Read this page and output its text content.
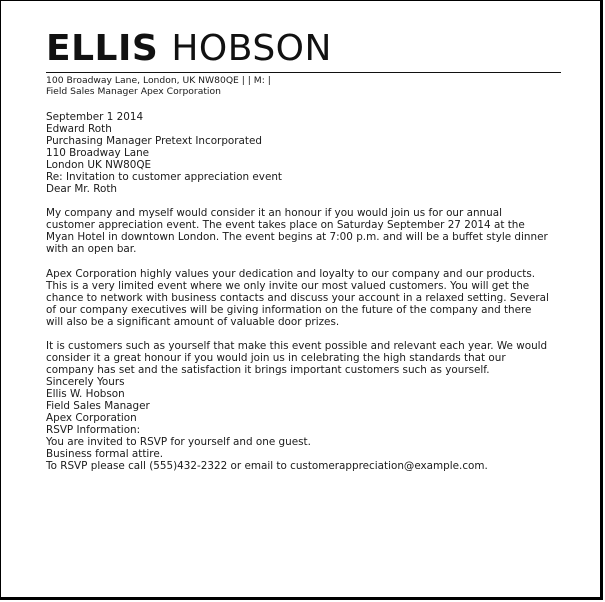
ELLIS HOBSON

100 Broadway Lane, London, UK NW80QE | | M: |

Field Sales Manager Apex Corporation

September 1 2014

Edward Roth

Purchasing Manager Pretext Incorporated

110 Broadway Lane

London UK NW80QE

Re: Invitation to customer appreciation event

Dear Mr. Roth

My company and myself would consider it an honour if you would join us for our annual

customer appreciation event. The event takes place on Saturday September 27 2014 at the

Myan Hotel in downtown London. The event begins at 7:00 p.m. and will be a buffet style dinner

with an open bar.

Apex Corporation highly values your dedication and loyalty to our company and our products.

This is a very limited event where we only invite our most valued customers. You will get the

chance to network with business contacts and discuss your account in a relaxed setting. Several

of our company executives will be giving information on the future of the company and there

will also be a significant amount of valuable door prizes.

It is customers such as yourself that make this event possible and relevant each year. We would

consider it a great honour if you would join us in celebrating the high standards that our

company has set and the satisfaction it brings important customers such as yourself.

Sincerely Yours

Ellis W. Hobson

Field Sales Manager

Apex Corporation

RSVP Information:

You are invited to RSVP for yourself and one guest.

Business formal attire.

To RSVP please call (555)432-2322 or email to customerappreciation@example.com.
